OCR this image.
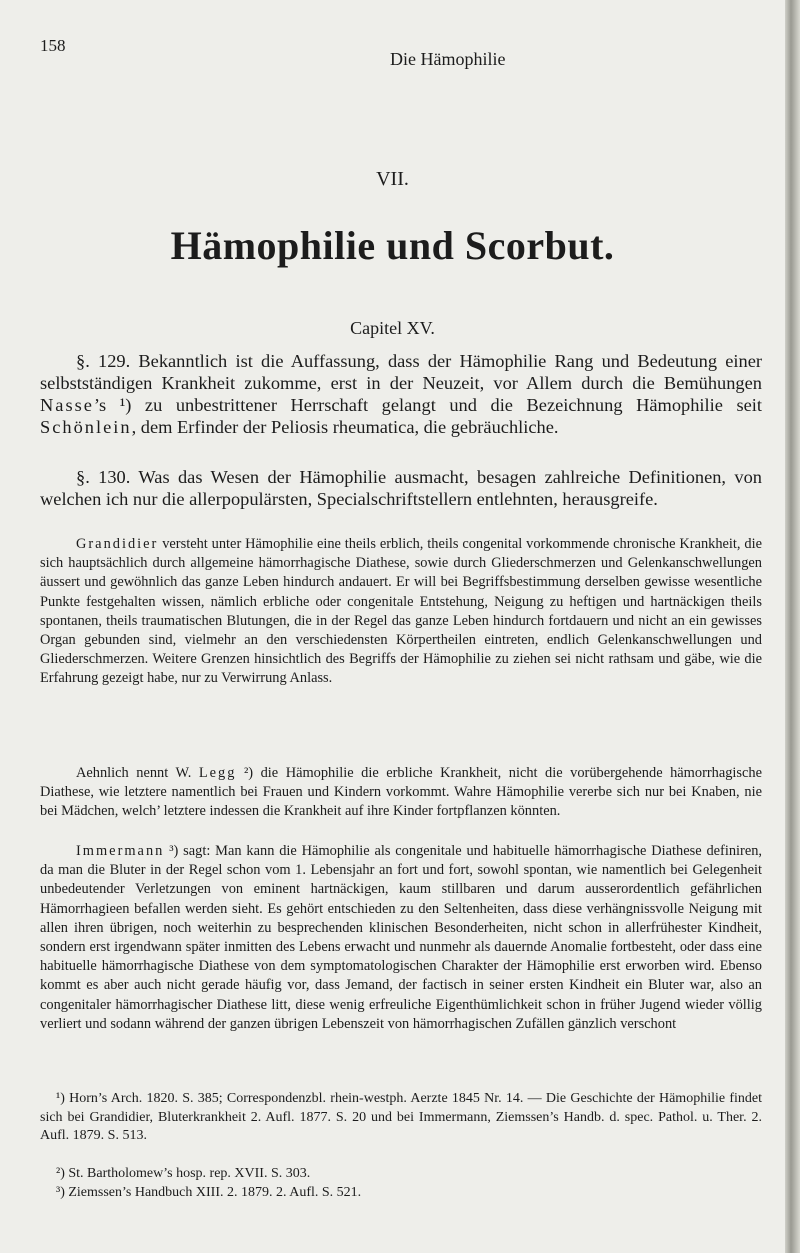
158
Die Hämophilie
VII.
Hämophilie und Scorbut.
Capitel XV.

§. 129. Bekanntlich ist die Auffassung, dass der Hämophilie Rang und Bedeutung einer selbstständigen Krankheit zukomme, erst in der Neuzeit, vor Allem durch die Bemühungen Nasse’s ¹) zu unbestrittener Herrschaft gelangt und die Bezeichnung Hämophilie seit Schönlein, dem Erfinder der Peliosis rheumatica, die gebräuchliche.

§. 130. Was das Wesen der Hämophilie ausmacht, besagen zahlreiche Definitionen, von welchen ich nur die allerpopulärsten, Specialschriftstellern entlehnten, herausgreife.

Grandidier versteht unter Hämophilie eine theils erblich, theils congenital vorkommende chronische Krankheit, die sich hauptsächlich durch allgemeine hämorrhagische Diathese, sowie durch Gliederschmerzen und Gelenkanschwellungen äussert und gewöhnlich das ganze Leben hindurch andauert. Er will bei Begriffsbestimmung derselben gewisse wesentliche Punkte festgehalten wissen, nämlich erbliche oder congenitale Entstehung, Neigung zu heftigen und hartnäckigen theils spontanen, theils traumatischen Blutungen, die in der Regel das ganze Leben hindurch fortdauern und nicht an ein gewisses Organ gebunden sind, vielmehr an den verschiedensten Körpertheilen eintreten, endlich Gelenkanschwellungen und Gliederschmerzen. Weitere Grenzen hinsichtlich des Begriffs der Hämophilie zu ziehen sei nicht rathsam und gäbe, wie die Erfahrung gezeigt habe, nur zu Verwirrung Anlass.

Aehnlich nennt W. Legg ²) die Hämophilie die erbliche Krankheit, nicht die vorübergehende hämorrhagische Diathese, wie letztere namentlich bei Frauen und Kindern vorkommt. Wahre Hämophilie vererbe sich nur bei Knaben, nie bei Mädchen, welch’ letztere indessen die Krankheit auf ihre Kinder fortpflanzen könnten.

Immermann ³) sagt: Man kann die Hämophilie als congenitale und habituelle hämorrhagische Diathese definiren, da man die Bluter in der Regel schon vom 1. Lebensjahr an fort und fort, sowohl spontan, wie namentlich bei Gelegenheit unbedeutender Verletzungen von eminent hartnäckigen, kaum stillbaren und darum ausserordentlich gefährlichen Hämorrhagieen befallen werden sieht. Es gehört entschieden zu den Seltenheiten, dass diese verhängnissvolle Neigung mit allen ihren übrigen, noch weiterhin zu besprechenden klinischen Besonderheiten, nicht schon in allerfrühester Kindheit, sondern erst irgendwann später inmitten des Lebens erwacht und nunmehr als dauernde Anomalie fortbesteht, oder dass eine habituelle hämorrhagische Diathese von dem symptomatologischen Charakter der Hämophilie erst erworben wird. Ebenso kommt es aber auch nicht gerade häufig vor, dass Jemand, der factisch in seiner ersten Kindheit ein Bluter war, also an congenitaler hämorrhagischer Diathese litt, diese wenig erfreuliche Eigenthümlichkeit schon in früher Jugend wieder völlig verliert und sodann während der ganzen übrigen Lebenszeit von hämorrhagischen Zufällen gänzlich verschont

¹) Horn’s Arch. 1820. S. 385; Correspondenzbl. rhein-westph. Aerzte 1845 Nr. 14. — Die Geschichte der Hämophilie findet sich bei Grandidier, Bluterkrankheit 2. Aufl. 1877. S. 20 und bei Immermann, Ziemssen’s Handb. d. spec. Pathol. u. Ther. 2. Aufl. 1879. S. 513.

²) St. Bartholomew’s hosp. rep. XVII. S. 303.

³) Ziemssen’s Handbuch XIII. 2. 1879. 2. Aufl. S. 521.
